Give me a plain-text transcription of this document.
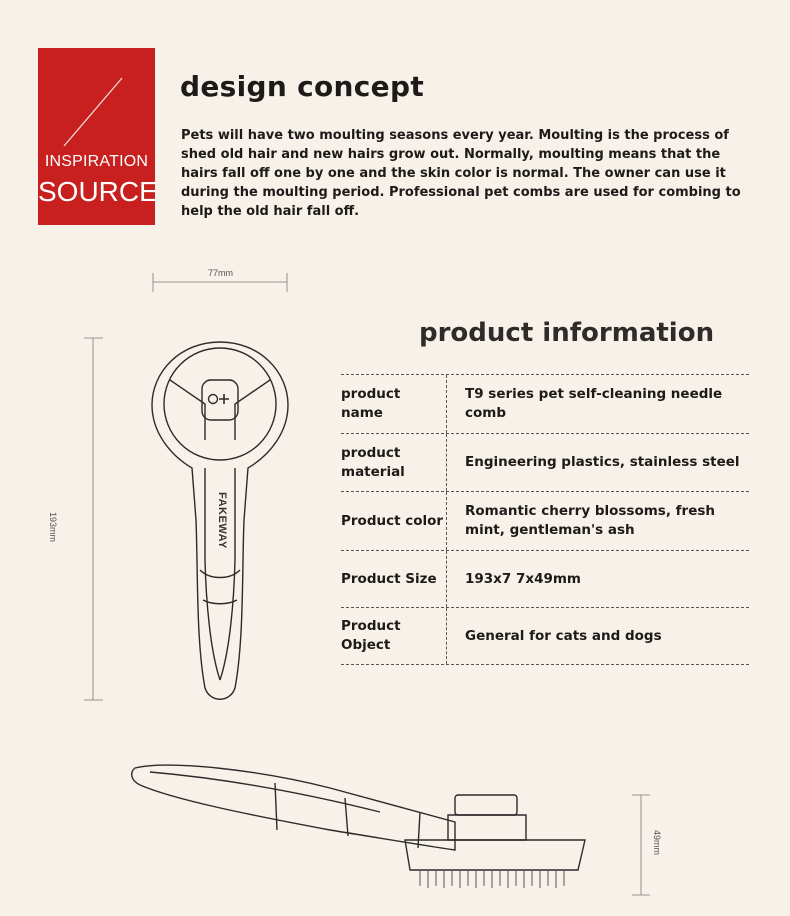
INSPIRATION
SOURCE
design concept
Pets will have two moulting seasons every year. Moulting is the process of shed old hair and new hairs grow out. Normally, moulting means that the hairs fall off one by one and the skin color is normal. The owner can use it during the moulting period. Professional pet combs are used for combing to help the old hair fall off.
77mm
193mm
49mm
FAKEWAY
product information
product name
T9 series pet self-cleaning needle comb
product material
Engineering plastics, stainless steel
Product color
Romantic cherry blossoms, fresh mint, gentleman's ash
Product Size	193x7 7x49mm
Product Object
General for cats and dogs
